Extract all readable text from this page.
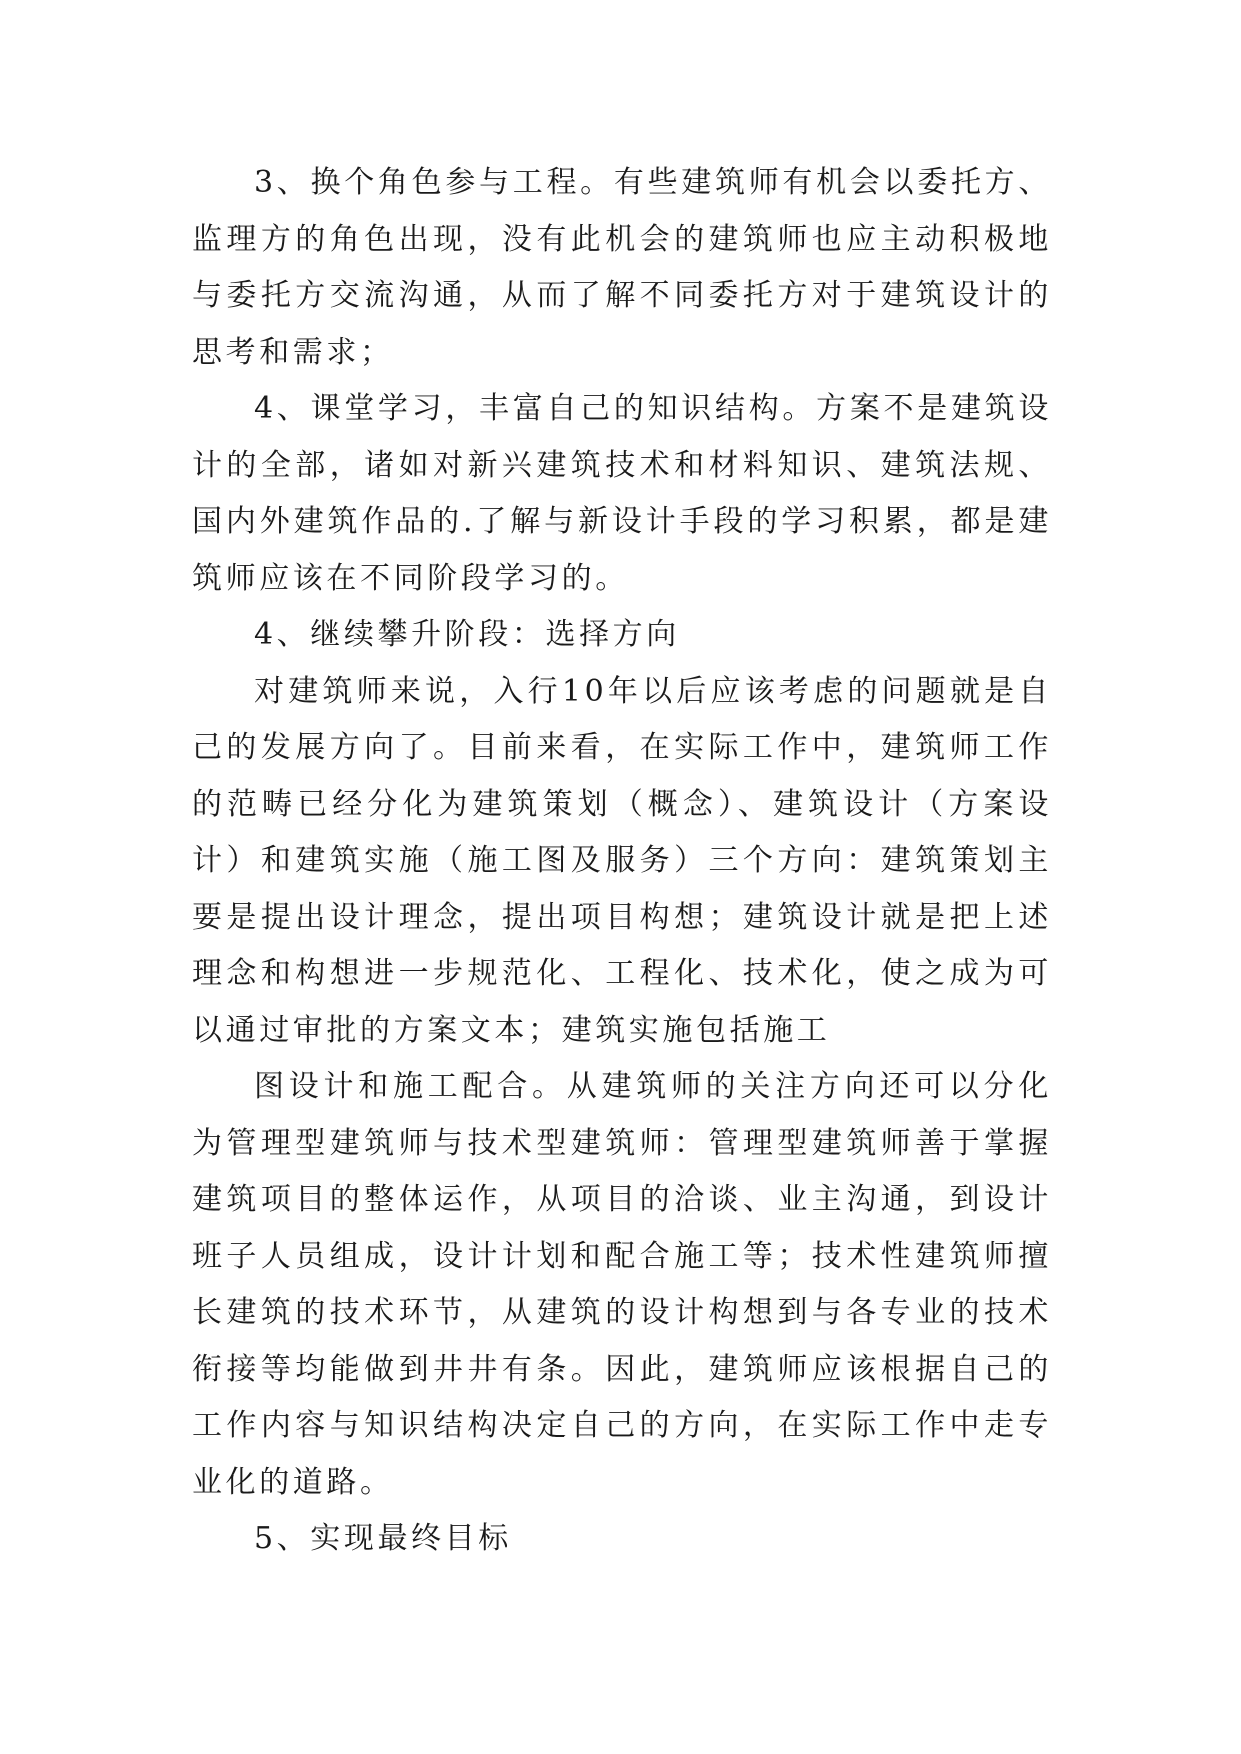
3、换个角色参与工程。有些建筑师有机会以委托方、监理方的角色出现，没有此机会的建筑师也应主动积极地与委托方交流沟通，从而了解不同委托方对于建筑设计的思考和需求；

4、课堂学习，丰富自己的知识结构。方案不是建筑设计的全部，诸如对新兴建筑技术和材料知识、建筑法规、国内外建筑作品的.了解与新设计手段的学习积累，都是建筑师应该在不同阶段学习的。

4、继续攀升阶段：选择方向

对建筑师来说，入行10年以后应该考虑的问题就是自己的发展方向了。目前来看，在实际工作中，建筑师工作的范畴已经分化为建筑策划（概念）、建筑设计（方案设计）和建筑实施（施工图及服务）三个方向：建筑策划主要是提出设计理念，提出项目构想；建筑设计就是把上述理念和构想进一步规范化、工程化、技术化，使之成为可以通过审批的方案文本；建筑实施包括施工

图设计和施工配合。从建筑师的关注方向还可以分化为管理型建筑师与技术型建筑师：管理型建筑师善于掌握建筑项目的整体运作，从项目的洽谈、业主沟通，到设计班子人员组成，设计计划和配合施工等；技术性建筑师擅长建筑的技术环节，从建筑的设计构想到与各专业的技术衔接等均能做到井井有条。因此，建筑师应该根据自己的工作内容与知识结构决定自己的方向，在实际工作中走专业化的道路。

5、实现最终目标
